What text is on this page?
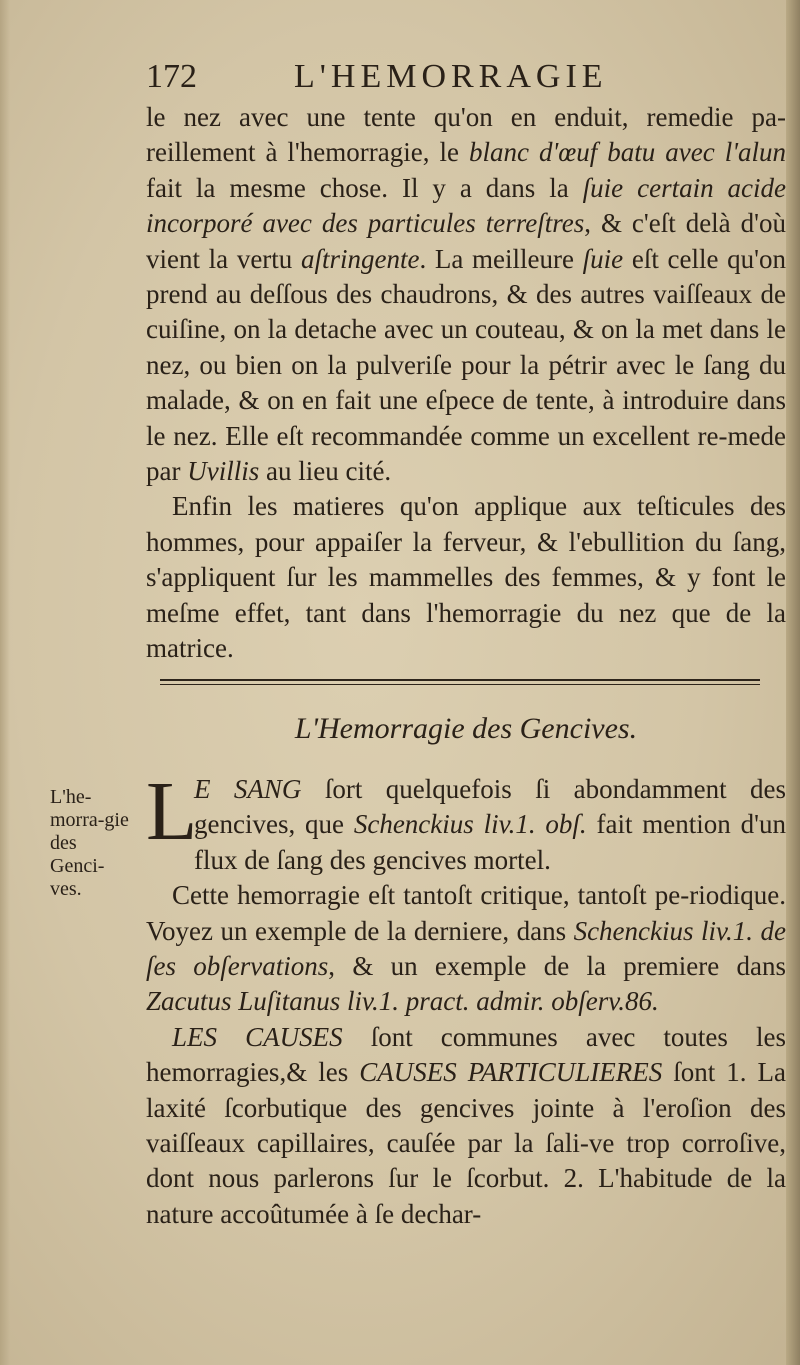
172	L'HEMORRAGIE

le nez avec une tente qu'on en enduit, remedie pa-reillement à l'hemorragie, le blanc d'œuf batu avec l'alun fait la mesme chose. Il y a dans la ſuie certain acide incorporé avec des particules terreſtres, & c'eſt delà d'où vient la vertu aſtringente. La meilleure ſuie eſt celle qu'on prend au deſſous des chaudrons, & des autres vaiſſeaux de cuiſine, on la detache avec un couteau, & on la met dans le nez, ou bien on la pulveriſe pour la pétrir avec le ſang du malade, & on en fait une eſpece de tente, à introduire dans le nez. Elle eſt recommandée comme un excellent re-mede par Uvillis au lieu cité.

Enfin les matieres qu'on applique aux teſticules des hommes, pour appaiſer la ferveur, & l'ebullition du ſang, s'appliquent ſur les mammelles des femmes, & y font le meſme effet, tant dans l'hemorragie du nez que de la matrice.

L'Hemorragie des Gencives.
L'he-morra-gie des Genci-ves.
L

E SANG ſort quelquefois ſi abondamment des gencives, que Schenckius liv.1. obſ. fait mention d'un flux de ſang des gencives mortel.

Cette hemorragie eſt tantoſt critique, tantoſt pe-riodique. Voyez un exemple de la derniere, dans Schenckius liv.1. de ſes obſervations, & un exemple de la premiere dans Zacutus Luſitanus liv.1. pract. admir. obſerv.86.

LES CAUSES ſont communes avec toutes les hemorragies,& les CAUSES PARTICULIERES ſont 1. La laxité ſcorbutique des gencives jointe à l'eroſion des vaiſſeaux capillaires, cauſée par la ſali-ve trop corroſive, dont nous parlerons ſur le ſcorbut. 2. L'habitude de la nature accoûtumée à ſe dechar-
